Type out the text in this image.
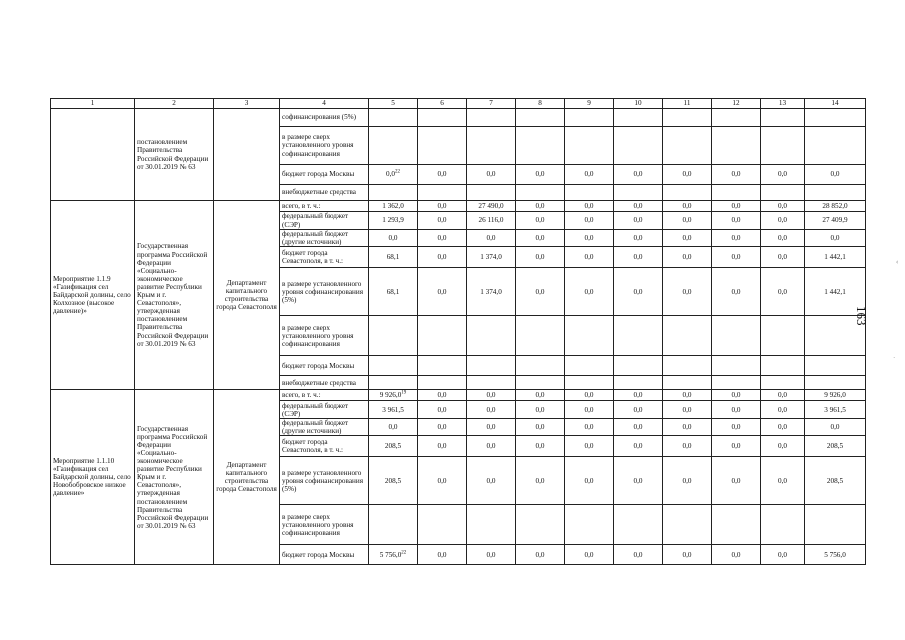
1	2	3	4	5	6	7	8	9	10	11	12	13	14
	постановлением Правительства Российской Федерации от 30.01.2019 № 63		софинансирования (5%)										
			в размере сверх установленного уровня софинансирования										
			бюджет города Москвы	$0,0^{22}$	0,0	0,0	0,0	0,0	0,0	0,0	0,0	0,0	0,0
			внебюджетные средства										
Мероприятие 1.1.9 «Газификация сел Байдарской долины, село Колхозное (высокое давление)»	Государственная программа Российской Федерации «Социально-экономическое развитие Республики Крым и г. Севастополя», утвержденная постановлением Правительства Российской Федерации от 30.01.2019 № 63	Департамент капитального строительства города Севастополя	всего, в т. ч.:	1 362,0	0,0	27 490,0	0,0	0,0	0,0	0,0	0,0	0,0	28 852,0
			федеральный бюджет (СЭР)	1 293,9	0,0	26 116,0	0,0	0,0	0,0	0,0	0,0	0,0	27 409,9
			федеральный бюджет (другие источники)	0,0	0,0	0,0	0,0	0,0	0,0	0,0	0,0	0,0	0,0
			бюджет города Севастополя, в т. ч.:	68,1	0,0	1 374,0	0,0	0,0	0,0	0,0	0,0	0,0	1 442,1
			в размере установленного уровня софинансирования (5%)	68,1	0,0	1 374,0	0,0	0,0	0,0	0,0	0,0	0,0	1 442,1
			в размере сверх установленного уровня софинансирования										
			бюджет города Москвы										
			внебюджетные средства										
Мероприятие 1.1.10 «Газификация сел Байдарской долины, село Новобобровское низкое давление»	Государственная программа Российской Федерации «Социально-экономическое развитие Республики Крым и г. Севастополя», утвержденная постановлением Правительства Российской Федерации от 30.01.2019 № 63	Департамент капитального строительства города Севастополя	всего, в т. ч.:	9 926,0$^{19}$	0,0	0,0	0,0	0,0	0,0	0,0	0,0	0,0	9 926,0
			федеральный бюджет (СЭР)	3 961,5	0,0	0,0	0,0	0,0	0,0	0,0	0,0	0,0	3 961,5
			федеральный бюджет (другие источники)	0,0	0,0	0,0	0,0	0,0	0,0	0,0	0,0	0,0	0,0
			бюджет города Севастополя, в т. ч.:	208,5	0,0	0,0	0,0	0,0	0,0	0,0	0,0	0,0	208,5
			в размере установленного уровня софинансирования (5%)	208,5	0,0	0,0	0,0	0,0	0,0	0,0	0,0	0,0	208,5
			в размере сверх установленного уровня софинансирования										
			бюджет города Москвы	5 756,0$^{22}$	0,0	0,0	0,0	0,0	0,0	0,0	0,0	0,0	5 756,0
163
‹
·
